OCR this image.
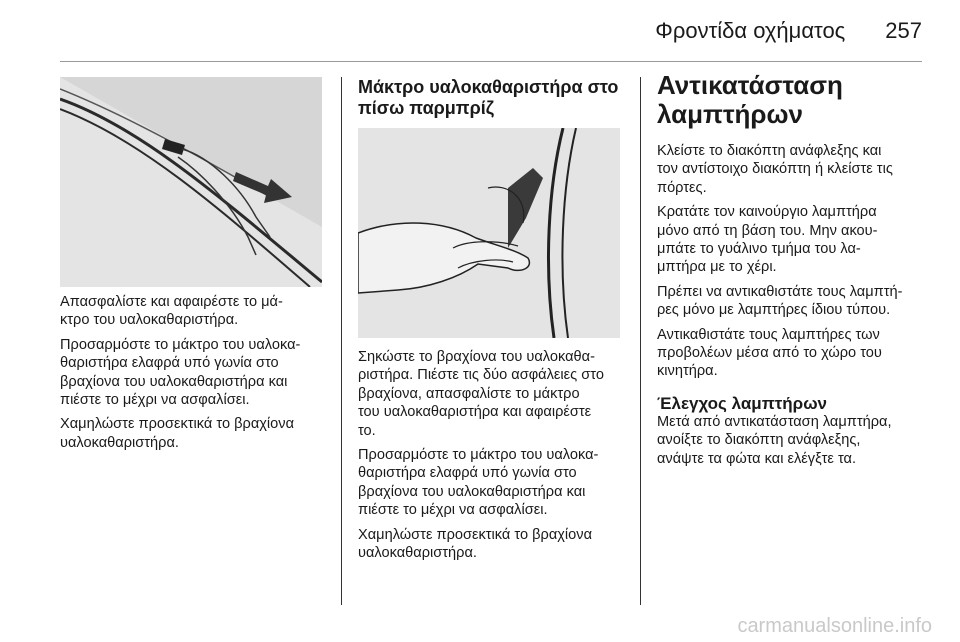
Φροντίδα οχήματος 257

Απασφαλίστε και αφαιρέστε το μά-
κτρο του υαλοκαθαριστήρα.

Προσαρμόστε το μάκτρο του υαλοκα-
θαριστήρα ελαφρά υπό γωνία στο
βραχίονα του υαλοκαθαριστήρα και
πιέστε το μέχρι να ασφαλίσει.

Χαμηλώστε προσεκτικά το βραχίονα
υαλοκαθαριστήρα.

Μάκτρο υαλοκαθαριστήρα στο
πίσω παρμπρίζ

Σηκώστε το βραχίονα του υαλοκαθα-
ριστήρα. Πιέστε τις δύο ασφάλειες στο
βραχίονα, απασφαλίστε το μάκτρο
του υαλοκαθαριστήρα και αφαιρέστε
το.

Προσαρμόστε το μάκτρο του υαλοκα-
θαριστήρα ελαφρά υπό γωνία στο
βραχίονα του υαλοκαθαριστήρα και
πιέστε το μέχρι να ασφαλίσει.

Χαμηλώστε προσεκτικά το βραχίονα
υαλοκαθαριστήρα.

Αντικατάσταση
λαμπτήρων

Κλείστε το διακόπτη ανάφλεξης και
τον αντίστοιχο διακόπτη ή κλείστε τις
πόρτες.

Κρατάτε τον καινούργιο λαμπτήρα
μόνο από τη βάση του. Μην ακου-
μπάτε το γυάλινο τμήμα του λα-
μπτήρα με το χέρι.

Πρέπει να αντικαθιστάτε τους λαμπτή-
ρες μόνο με λαμπτήρες ίδιου τύπου.

Αντικαθιστάτε τους λαμπτήρες των
προβολέων μέσα από το χώρο του
κινητήρα.

Έλεγχος λαμπτήρων

Μετά από αντικατάσταση λαμπτήρα,
ανοίξτε το διακόπτη ανάφλεξης,
ανάψτε τα φώτα και ελέγξτε τα.

carmanualsonline.info
